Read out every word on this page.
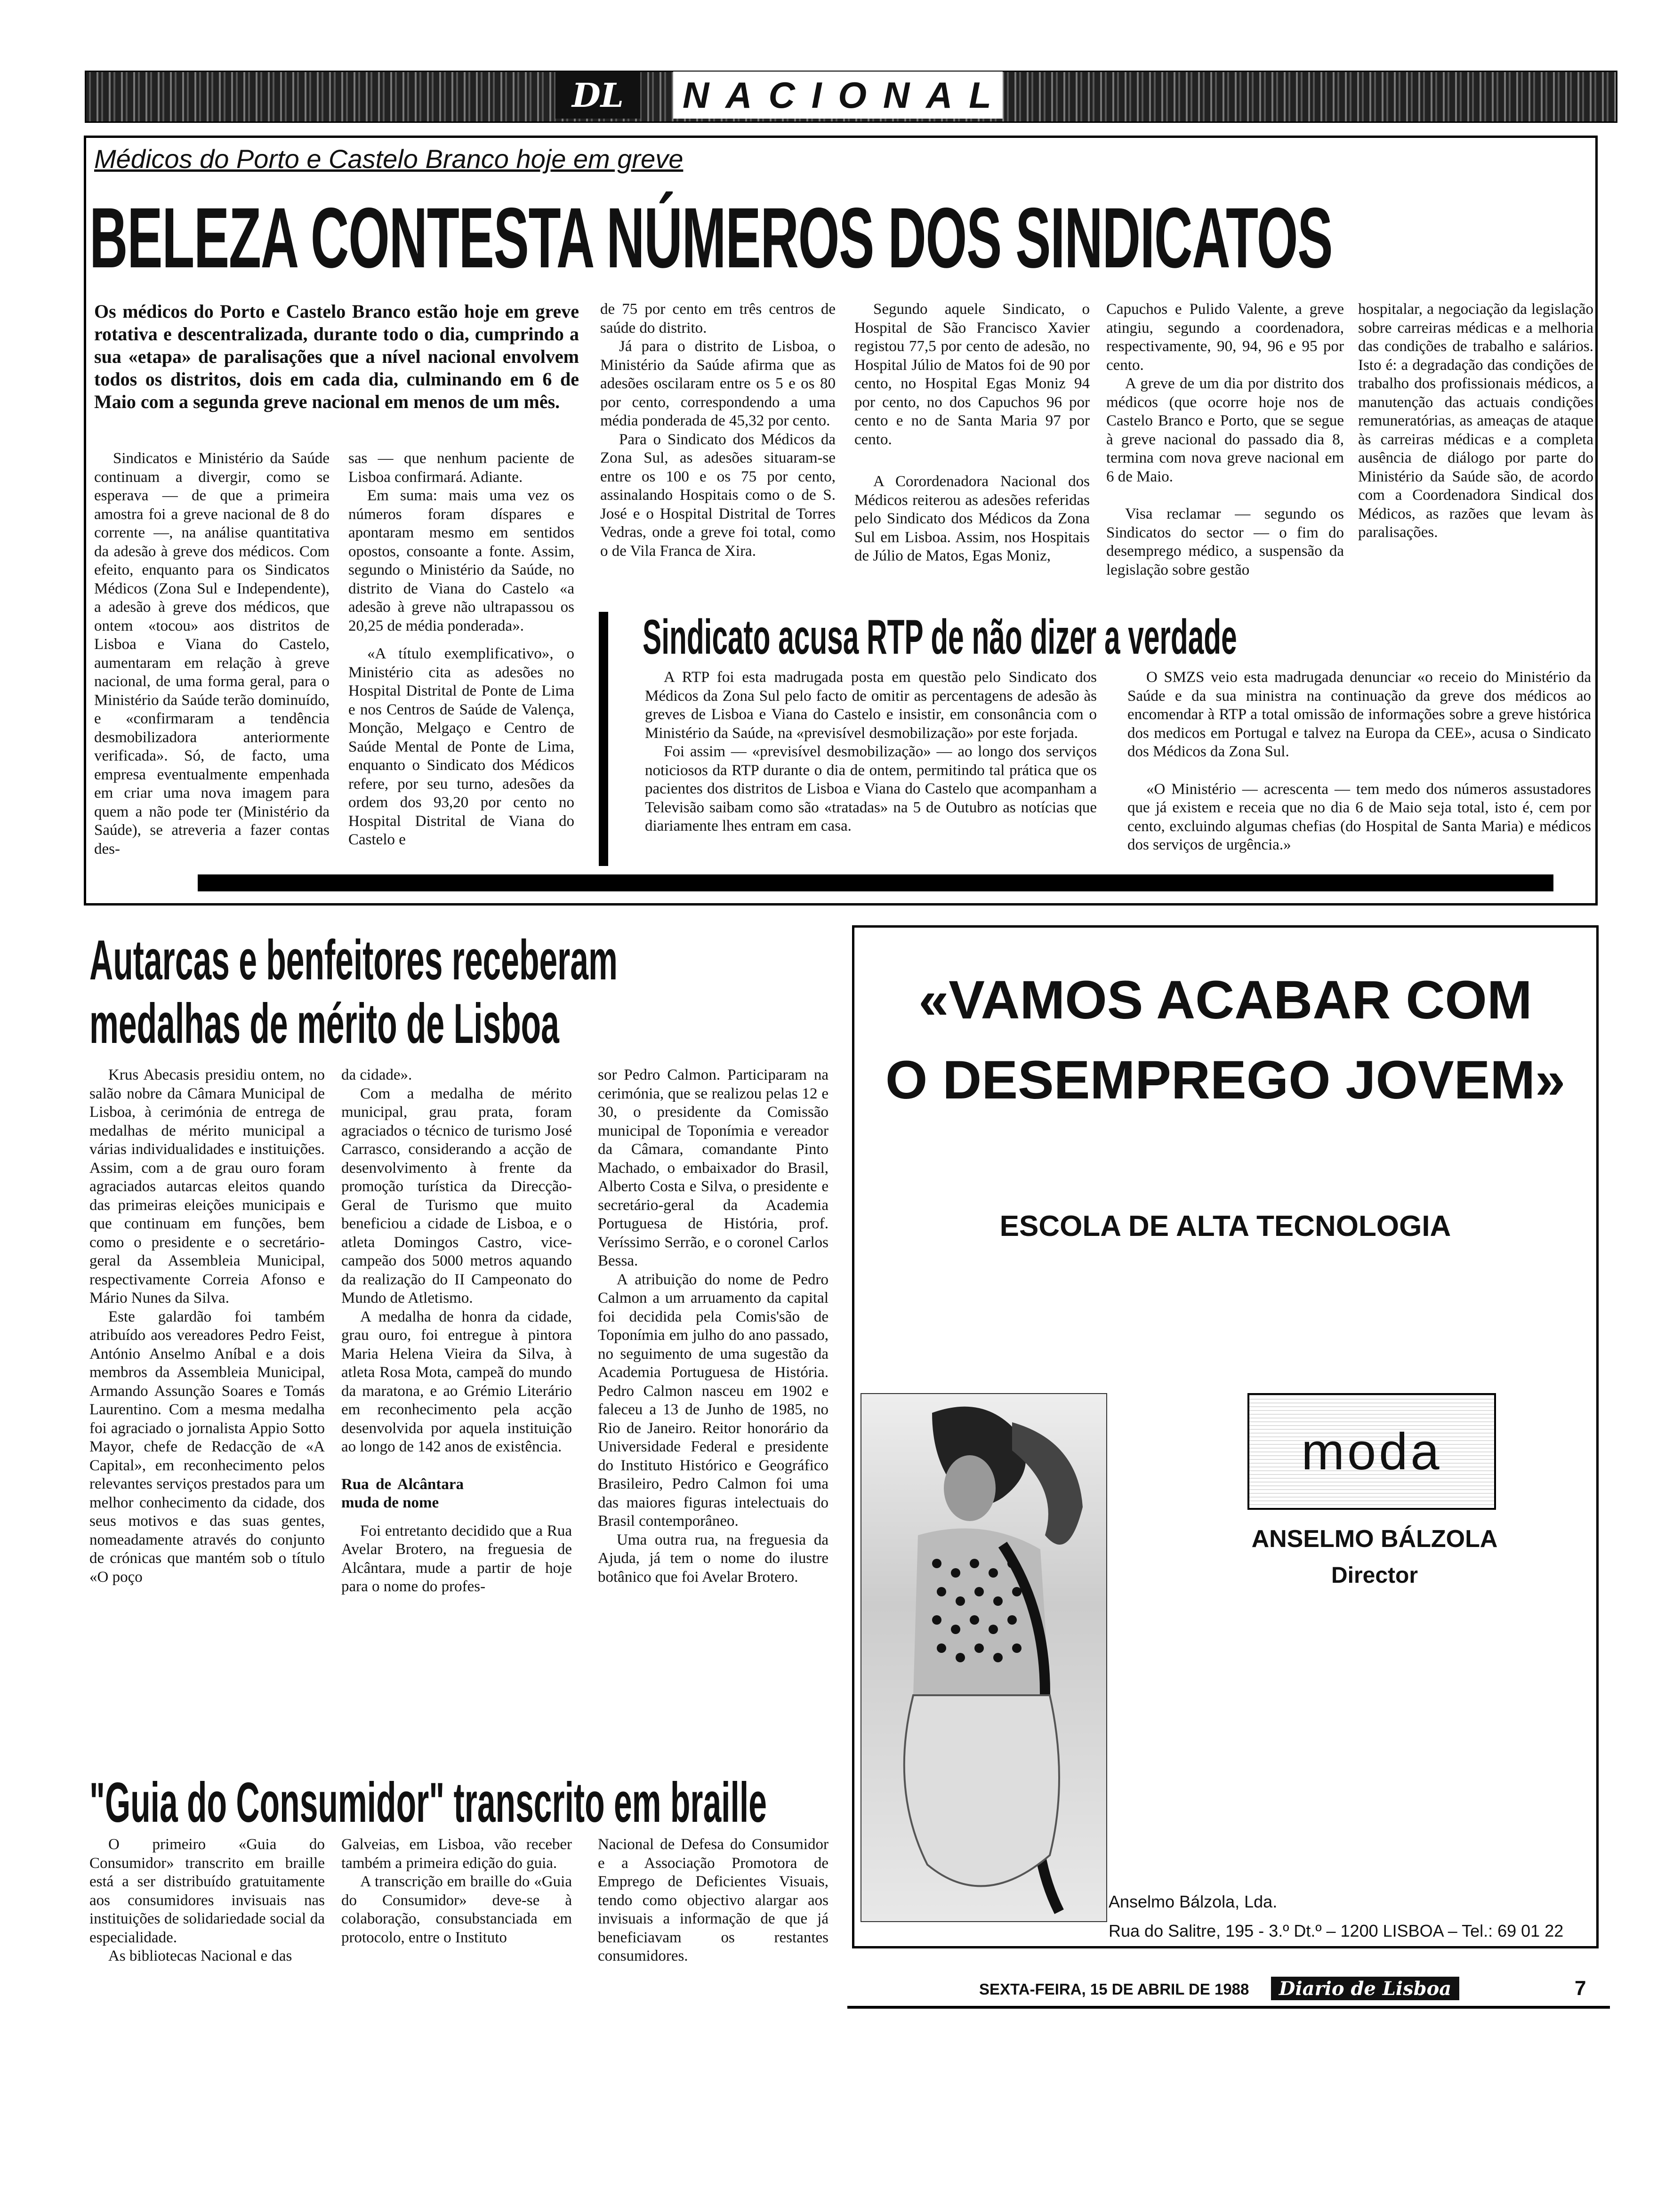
DL	N A C I O N A L
Médicos do Porto e Castelo Branco hoje em greve
BELEZA CONTESTA NÚMEROS DOS SINDICATOS
Os médicos do Porto e Castelo Branco estão hoje em greve rotativa e descentralizada, durante todo o dia, cumprindo a sua «etapa» de paralisações que a nível nacional envolvem todos os distritos, dois em cada dia, culminando em 6 de Maio com a segunda greve nacional em menos de um mês.

Sindicatos e Ministério da Saúde continuam a divergir, como se esperava — de que a primeira amostra foi a greve nacional de 8 do corrente —, na análise quantitativa da adesão à greve dos médicos. Com efeito, enquanto para os Sindicatos Médicos (Zona Sul e Independente), a adesão à greve dos médicos, que ontem «tocou» aos distritos de Lisboa e Viana do Castelo, aumentaram em relação à greve nacional, de uma forma geral, para o Ministério da Saúde terão dominuído, e «confirmaram a tendência desmobilizadora anteriormente verificada». Só, de facto, uma empresa eventualmente empenhada em criar uma nova imagem para quem a não pode ter (Ministério da Saúde), se atreveria a fazer contas des-

sas — que nenhum paciente de Lisboa confirmará. Adiante.

Em suma: mais uma vez os números foram díspares e apontaram mesmo em sentidos opostos, consoante a fonte. Assim, segundo o Ministério da Saúde, no distrito de Viana do Castelo «a adesão à greve não ultrapassou os 20,25 de média ponderada».

«A título exemplificativo», o Ministério cita as adesões no Hospital Distrital de Ponte de Lima e nos Centros de Saúde de Valença, Monção, Melgaço e Centro de Saúde Mental de Ponte de Lima, enquanto o Sindicato dos Médicos refere, por seu turno, adesões da ordem dos 93,20 por cento no Hospital Distrital de Viana do Castelo e

de 75 por cento em três centros de saúde do distrito.

Já para o distrito de Lisboa, o Ministério da Saúde afirma que as adesões oscilaram entre os 5 e os 80 por cento, correspondendo a uma média ponderada de 45,32 por cento.

Para o Sindicato dos Médicos da Zona Sul, as adesões situaram-se entre os 100 e os 75 por cento, assinalando Hospitais como o de S. José e o Hospital Distrital de Torres Vedras, onde a greve foi total, como o de Vila Franca de Xira.

Segundo aquele Sindicato, o Hospital de São Francisco Xavier registou 77,5 por cento de adesão, no Hospital Júlio de Matos foi de 90 por cento, no Hospital Egas Moniz 94 por cento, no dos Capuchos 96 por cento e no de Santa Maria 97 por cento.

A Corordenadora Nacional dos Médicos reiterou as adesões referidas pelo Sindicato dos Médicos da Zona Sul em Lisboa. Assim, nos Hospitais de Júlio de Matos, Egas Moniz,

Capuchos e Pulido Valente, a greve atingiu, segundo a coordenadora, respectivamente, 90, 94, 96 e 95 por cento.

A greve de um dia por distrito dos médicos (que ocorre hoje nos de Castelo Branco e Porto, que se segue à greve nacional do passado dia 8, termina com nova greve nacional em 6 de Maio.

Visa reclamar — segundo os Sindicatos do sector — o fim do desemprego médico, a suspensão da legislação sobre gestão

hospitalar, a negociação da legislação sobre carreiras médicas e a melhoria das condições de trabalho e salários. Isto é: a degradação das condições de trabalho dos profissionais médicos, a manutenção das actuais condições remuneratórias, as ameaças de ataque às carreiras médicas e a completa ausência de diálogo por parte do Ministério da Saúde são, de acordo com a Coordenadora Sindical dos Médicos, as razões que levam às paralisações.

Sindicato acusa RTP de não dizer a verdade

A RTP foi esta madrugada posta em questão pelo Sindicato dos Médicos da Zona Sul pelo facto de omitir as percentagens de adesão às greves de Lisboa e Viana do Castelo e insistir, em consonância com o Ministério da Saúde, na «previsível desmobilização» por este forjada.

Foi assim — «previsível desmobilização» — ao longo dos serviços noticiosos da RTP durante o dia de ontem, permitindo tal prática que os pacientes dos distritos de Lisboa e Viana do Castelo que acompanham a Televisão saibam como são «tratadas» na 5 de Outubro as notícias que diariamente lhes entram em casa.

O SMZS veio esta madrugada denunciar «o receio do Ministério da Saúde e da sua ministra na continuação da greve dos médicos ao encomendar à RTP a total omissão de informações sobre a greve histórica dos medicos em Portugal e talvez na Europa da CEE», acusa o Sindicato dos Médicos da Zona Sul.

«O Ministério — acrescenta — tem medo dos números assustadores que já existem e receia que no dia 6 de Maio seja total, isto é, cem por cento, excluindo algumas chefias (do Hospital de Santa Maria) e médicos dos serviços de urgência.»

Autarcas e benfeitores receberam
medalhas de mérito de Lisboa

Krus Abecasis presidiu ontem, no salão nobre da Câmara Municipal de Lisboa, à cerimónia de entrega de medalhas de mérito municipal a várias individualidades e instituições. Assim, com a de grau ouro foram agraciados autarcas eleitos quando das primeiras eleições municipais e que continuam em funções, bem como o presidente e o secretário-geral da Assembleia Municipal, respectivamente Correia Afonso e Mário Nunes da Silva.

Este galardão foi também atribuído aos vereadores Pedro Feist, António Anselmo Aníbal e a dois membros da Assembleia Municipal, Armando Assunção Soares e Tomás Laurentino. Com a mesma medalha foi agraciado o jornalista Appio Sotto Mayor, chefe de Redacção de «A Capital», em reconhecimento pelos relevantes serviços prestados para um melhor conhecimento da cidade, dos seus motivos e das suas gentes, nomeadamente através do conjunto de crónicas que mantém sob o título «O poço

da cidade».

Com a medalha de mérito municipal, grau prata, foram agraciados o técnico de turismo José Carrasco, considerando a acção de desenvolvimento à frente da promoção turística da Direcção-Geral de Turismo que muito beneficiou a cidade de Lisboa, e o atleta Domingos Castro, vice-campeão dos 5000 metros aquando da realização do II Campeonato do Mundo de Atletismo.

A medalha de honra da cidade, grau ouro, foi entregue à pintora Maria Helena Vieira da Silva, à atleta Rosa Mota, campeã do mundo da maratona, e ao Grémio Literário em reconhecimento pela acção desenvolvida por aquela instituição ao longo de 142 anos de existência.

Rua de Alcântara muda de nome

Foi entretanto decidido que a Rua Avelar Brotero, na freguesia de Alcântara, mude a partir de hoje para o nome do profes-

sor Pedro Calmon. Participaram na cerimónia, que se realizou pelas 12 e 30, o presidente da Comissão municipal de Toponímia e vereador da Câmara, comandante Pinto Machado, o embaixador do Brasil, Alberto Costa e Silva, o presidente e secretário-geral da Academia Portuguesa de História, prof. Veríssimo Serrão, e o coronel Carlos Bessa.

A atribuição do nome de Pedro Calmon a um arruamento da capital foi decidida pela Comis'são de Toponímia em julho do ano passado, no seguimento de uma sugestão da Academia Portuguesa de História. Pedro Calmon nasceu em 1902 e faleceu a 13 de Junho de 1985, no Rio de Janeiro. Reitor honorário da Universidade Federal e presidente do Instituto Histórico e Geográfico Brasileiro, Pedro Calmon foi uma das maiores figuras intelectuais do Brasil contemporâneo.

Uma outra rua, na freguesia da Ajuda, já tem o nome do ilustre botânico que foi Avelar Brotero.

"Guia do Consumidor" transcrito em braille

O primeiro «Guia do Consumidor» transcrito em braille está a ser distribuído gratuitamente aos consumidores invisuais nas instituições de solidariedade social da especialidade.

As bibliotecas Nacional e das

Galveias, em Lisboa, vão receber também a primeira edição do guia.

A transcrição em braille do «Guia do Consumidor» deve-se à colaboração, consubstanciada em protocolo, entre o Instituto

Nacional de Defesa do Consumidor e a Associação Promotora de Emprego de Deficientes Visuais, tendo como objectivo alargar aos invisuais a informação de que já beneficiavam os restantes consumidores.

«VAMOS ACABAR COM
O DESEMPREGO JOVEM»
ESCOLA DE ALTA TECNOLOGIA
moda
ANSELMO BÁLZOLA
Director
Anselmo Bálzola, Lda.
Rua do Salitre, 195 - 3.º Dt.º – 1200 LISBOA – Tel.: 69 01 22
SEXTA-FEIRA, 15 DE ABRIL DE 1988	Diario de Lisboa	7
